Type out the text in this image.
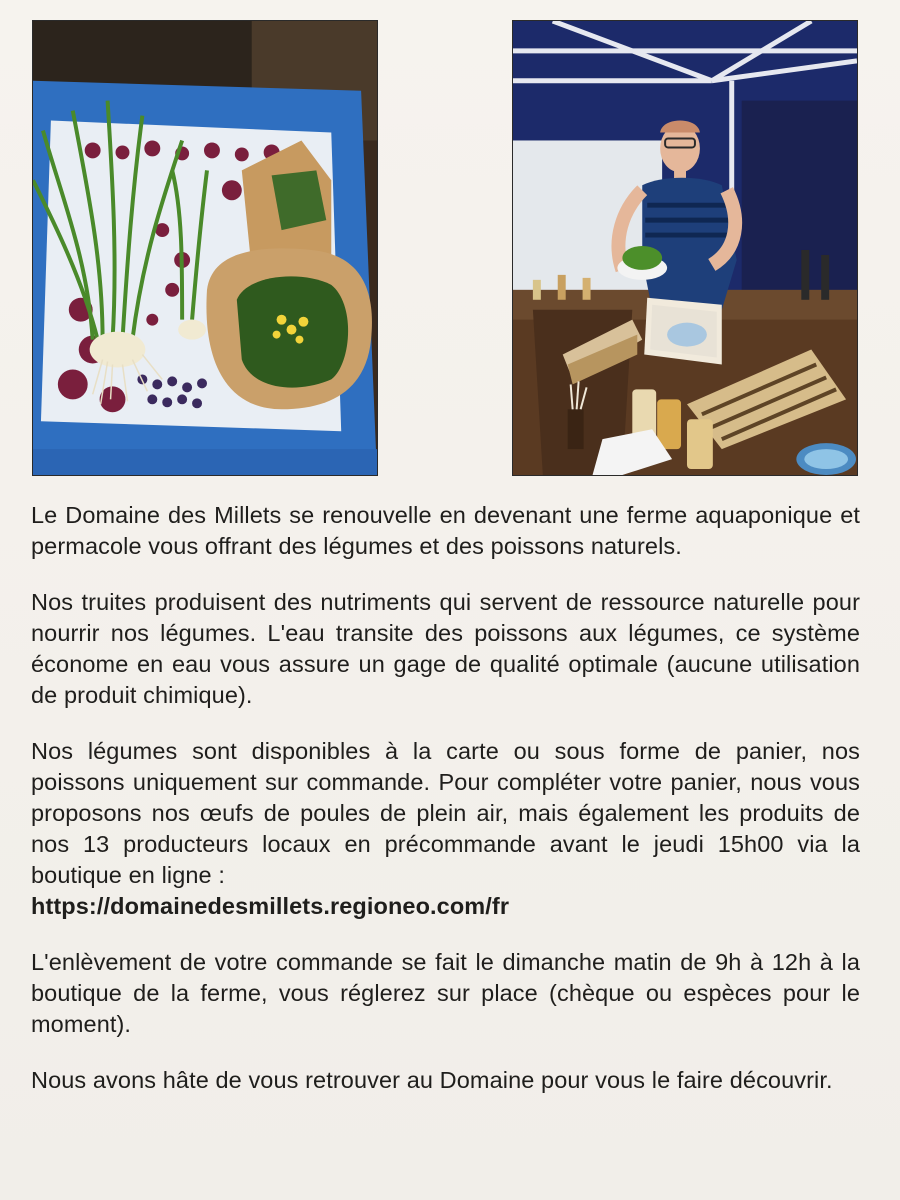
Le Domaine des Millets se renouvelle en devenant une ferme aquaponique et permacole vous offrant des légumes et des poissons naturels.

Nos truites produisent des nutriments qui servent de ressource naturelle pour nourrir nos légumes. L'eau transite des poissons aux légumes, ce système économe en eau vous assure un gage de qualité optimale (aucune utilisation de produit chimique).

Nos légumes sont disponibles à la carte ou sous forme de panier, nos poissons uniquement sur commande. Pour compléter votre panier, nous vous proposons nos œufs de poules de plein air, mais également les produits de nos 13 producteurs locaux en précommande avant le jeudi 15h00 via la boutique en ligne :
https://domainedesmillets.regioneo.com/fr

L'enlèvement de votre commande se fait le dimanche matin de 9h à 12h à la boutique de la ferme, vous réglerez sur place (chèque ou espèces pour le moment).

Nous avons hâte de vous retrouver au Domaine pour vous le faire découvrir.
